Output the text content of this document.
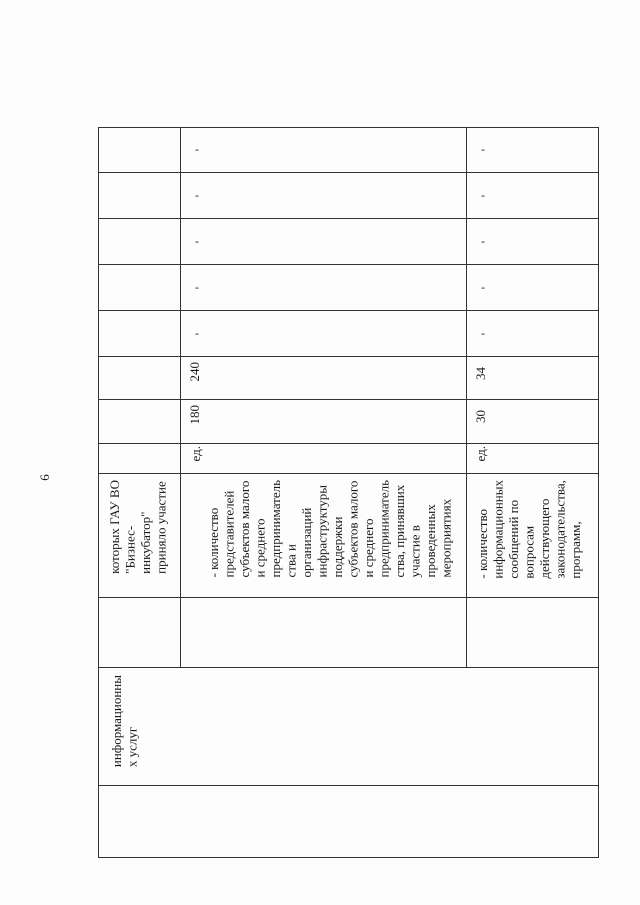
6
информационны
х услуг
которых ГАУ ВО
"Бизнес-
инкубатор"
приняло участие	- количество
представителей
субъектов малого
и среднего
предприниматель
ства и
организаций
инфраструктуры
поддержки
субъектов малого
и среднего
предприниматель
ства, принявших
участие в
проведенных
мероприятиях - количество
информационных
сообщений по
вопросам
действующего
законодательства,
программ,
ед.	ед.
180
240
30
34
-
-
-
-
-
-
-
-
-
-
